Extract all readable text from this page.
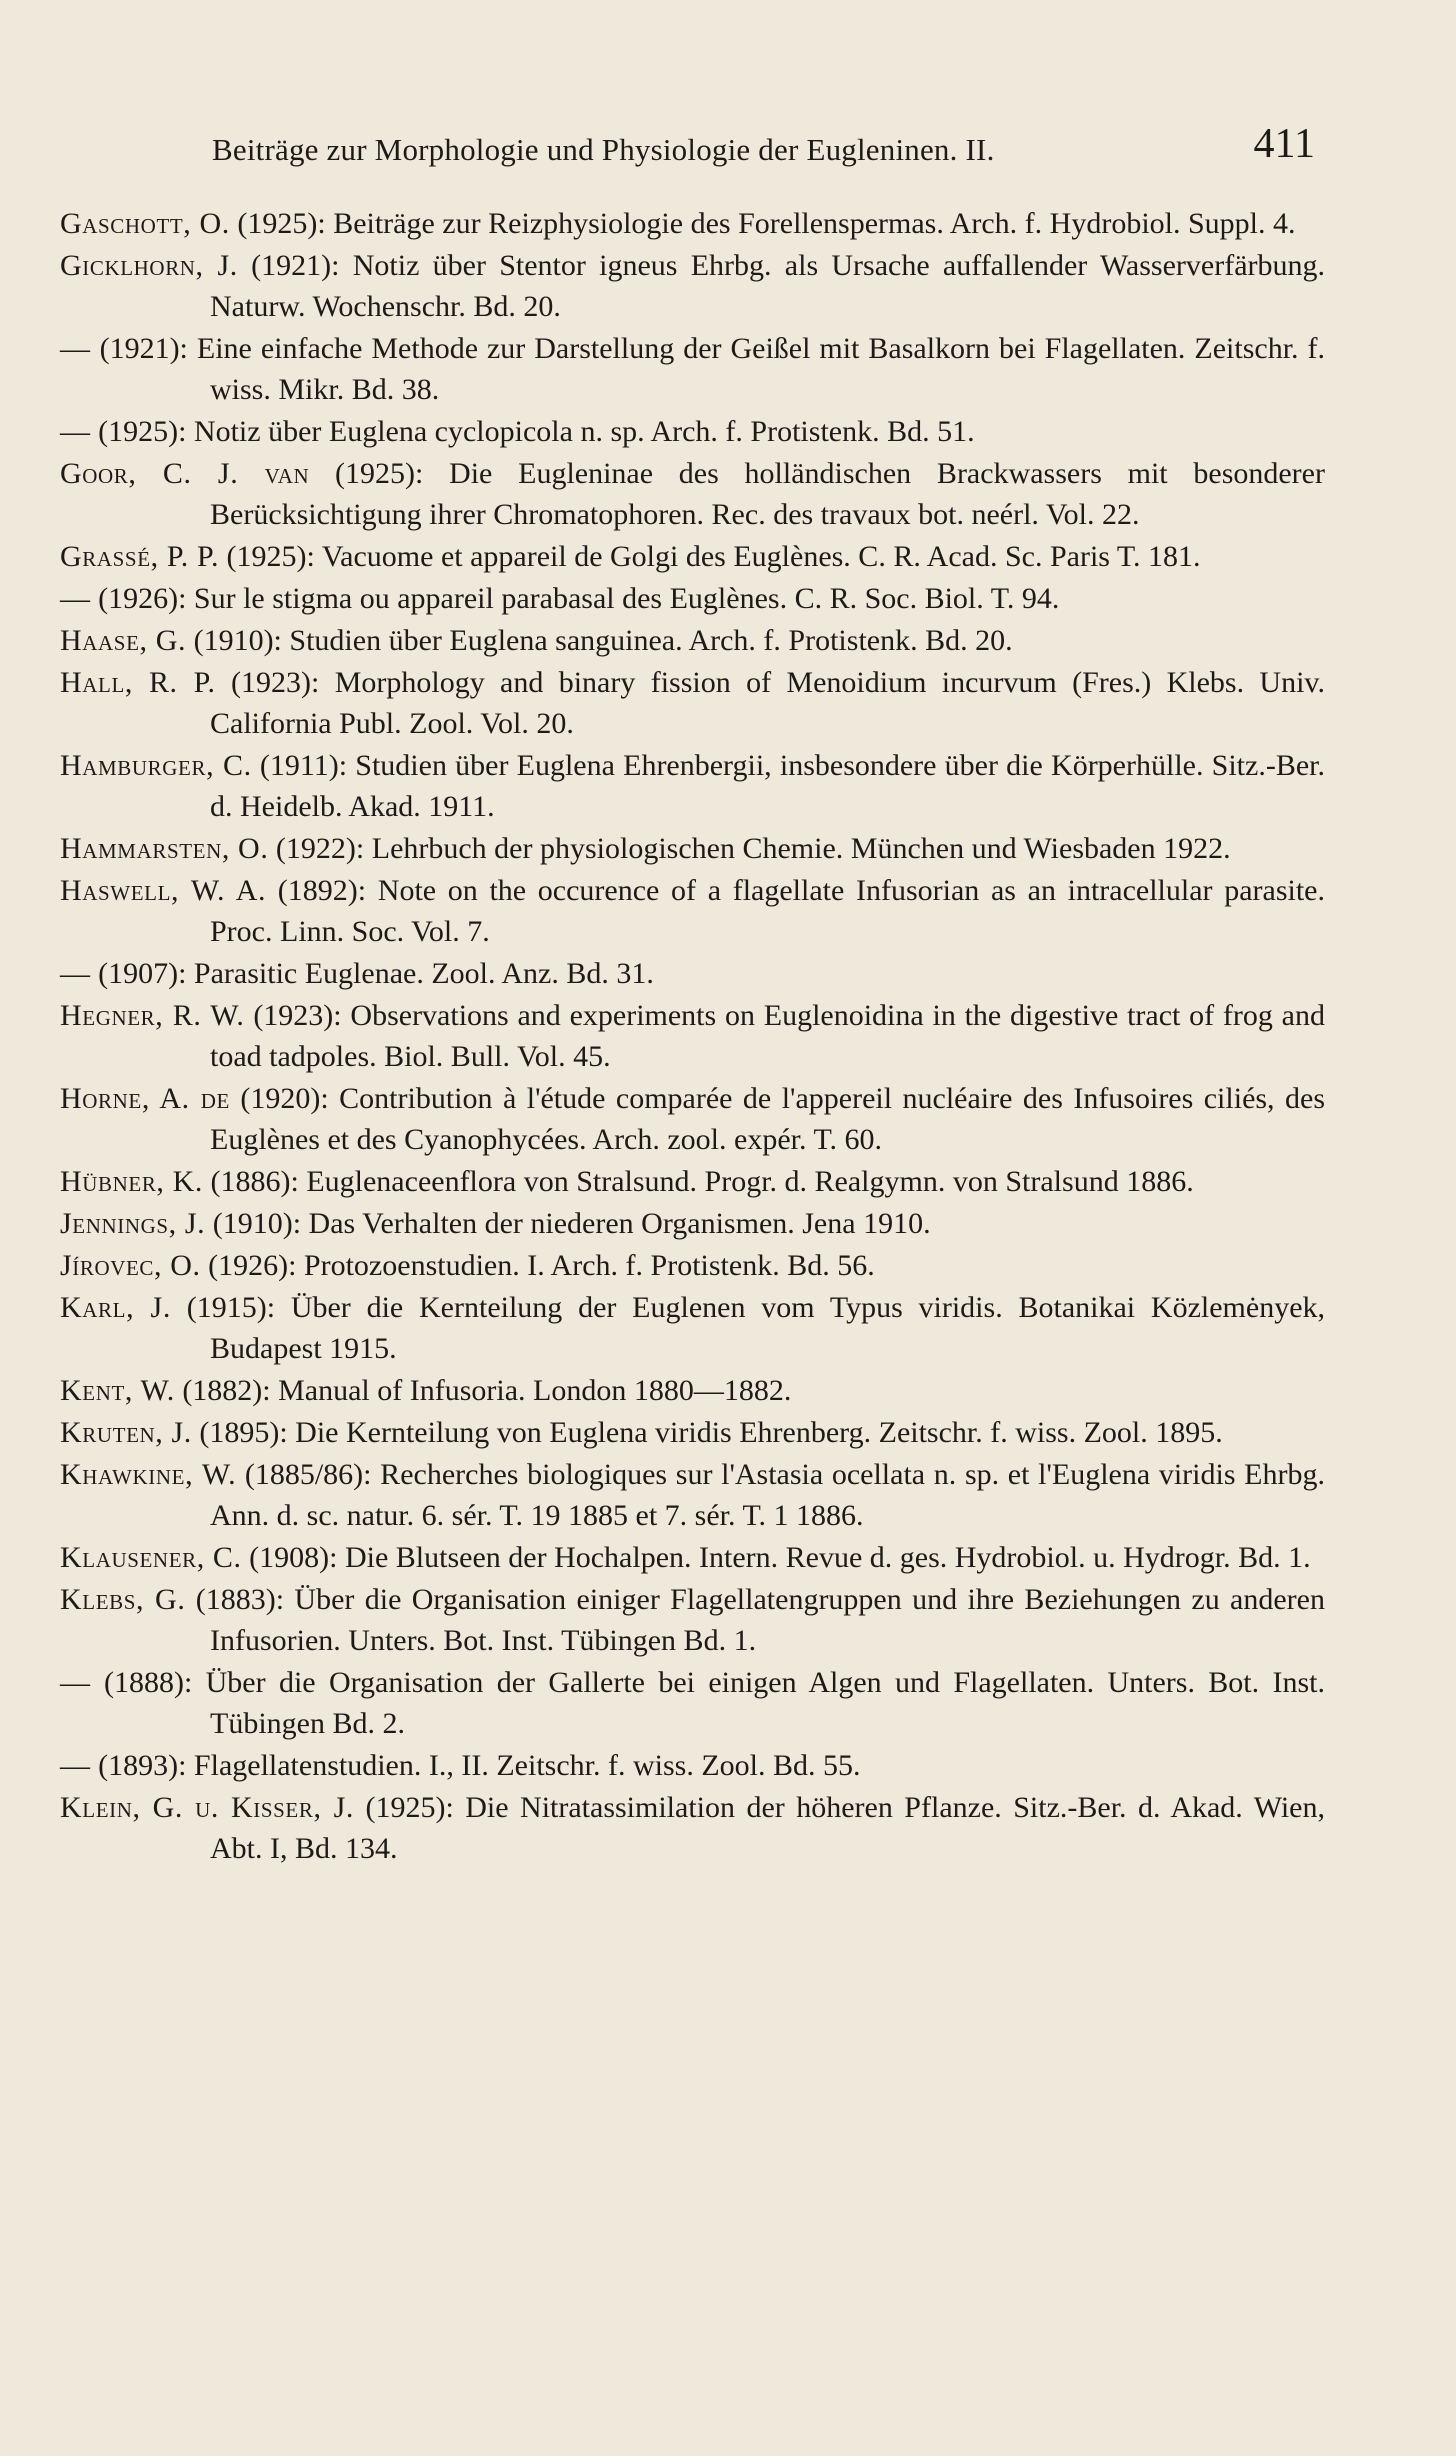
Beiträge zur Morphologie und Physiologie der Eugleninen. II.	411
Gaschott, O. (1925): Beiträge zur Reizphysiologie des Forellenspermas. Arch. f. Hydrobiol. Suppl. 4.
Gicklhorn, J. (1921): Notiz über Stentor igneus Ehrbg. als Ursache auffallender Wasserverfärbung. Naturw. Wochenschr. Bd. 20.
— (1921): Eine einfache Methode zur Darstellung der Geißel mit Basalkorn bei Flagellaten. Zeitschr. f. wiss. Mikr. Bd. 38.
— (1925): Notiz über Euglena cyclopicola n. sp. Arch. f. Protistenk. Bd. 51.
Goor, C. J. van (1925): Die Eugleninae des holländischen Brackwassers mit besonderer Berücksichtigung ihrer Chromatophoren. Rec. des travaux bot. neérl. Vol. 22.
Grassé, P. P. (1925): Vacuome et appareil de Golgi des Euglènes. C. R. Acad. Sc. Paris T. 181.
— (1926): Sur le stigma ou appareil parabasal des Euglènes. C. R. Soc. Biol. T. 94.
Haase, G. (1910): Studien über Euglena sanguinea. Arch. f. Protistenk. Bd. 20.
Hall, R. P. (1923): Morphology and binary fission of Menoidium incurvum (Fres.) Klebs. Univ. California Publ. Zool. Vol. 20.
Hamburger, C. (1911): Studien über Euglena Ehrenbergii, insbesondere über die Körperhülle. Sitz.-Ber. d. Heidelb. Akad. 1911.
Hammarsten, O. (1922): Lehrbuch der physiologischen Chemie. München und Wiesbaden 1922.
Haswell, W. A. (1892): Note on the occurence of a flagellate Infusorian as an intracellular parasite. Proc. Linn. Soc. Vol. 7.
— (1907): Parasitic Euglenae. Zool. Anz. Bd. 31.
Hegner, R. W. (1923): Observations and experiments on Euglenoidina in the digestive tract of frog and toad tadpoles. Biol. Bull. Vol. 45.
Horne, A. de (1920): Contribution à l'étude comparée de l'appereil nucléaire des Infusoires ciliés, des Euglènes et des Cyanophycées. Arch. zool. expér. T. 60.
Hübner, K. (1886): Euglenaceenflora von Stralsund. Progr. d. Realgymn. von Stralsund 1886.
Jennings, J. (1910): Das Verhalten der niederen Organismen. Jena 1910.
Jírovec, O. (1926): Protozoenstudien. I. Arch. f. Protistenk. Bd. 56.
Karl, J. (1915): Über die Kernteilung der Euglenen vom Typus viridis. Botanikai Közlemėnyek, Budapest 1915.
Kent, W. (1882): Manual of Infusoria. London 1880—1882.
Kruten, J. (1895): Die Kernteilung von Euglena viridis Ehrenberg. Zeitschr. f. wiss. Zool. 1895.
Khawkine, W. (1885/86): Recherches biologiques sur l'Astasia ocellata n. sp. et l'Euglena viridis Ehrbg. Ann. d. sc. natur. 6. sér. T. 19 1885 et 7. sér. T. 1 1886.
Klausener, C. (1908): Die Blutseen der Hochalpen. Intern. Revue d. ges. Hydrobiol. u. Hydrogr. Bd. 1.
Klebs, G. (1883): Über die Organisation einiger Flagellatengruppen und ihre Beziehungen zu anderen Infusorien. Unters. Bot. Inst. Tübingen Bd. 1.
— (1888): Über die Organisation der Gallerte bei einigen Algen und Flagellaten. Unters. Bot. Inst. Tübingen Bd. 2.
— (1893): Flagellatenstudien. I., II. Zeitschr. f. wiss. Zool. Bd. 55.
Klein, G. u. Kisser, J. (1925): Die Nitratassimilation der höheren Pflanze. Sitz.-Ber. d. Akad. Wien, Abt. I, Bd. 134.
